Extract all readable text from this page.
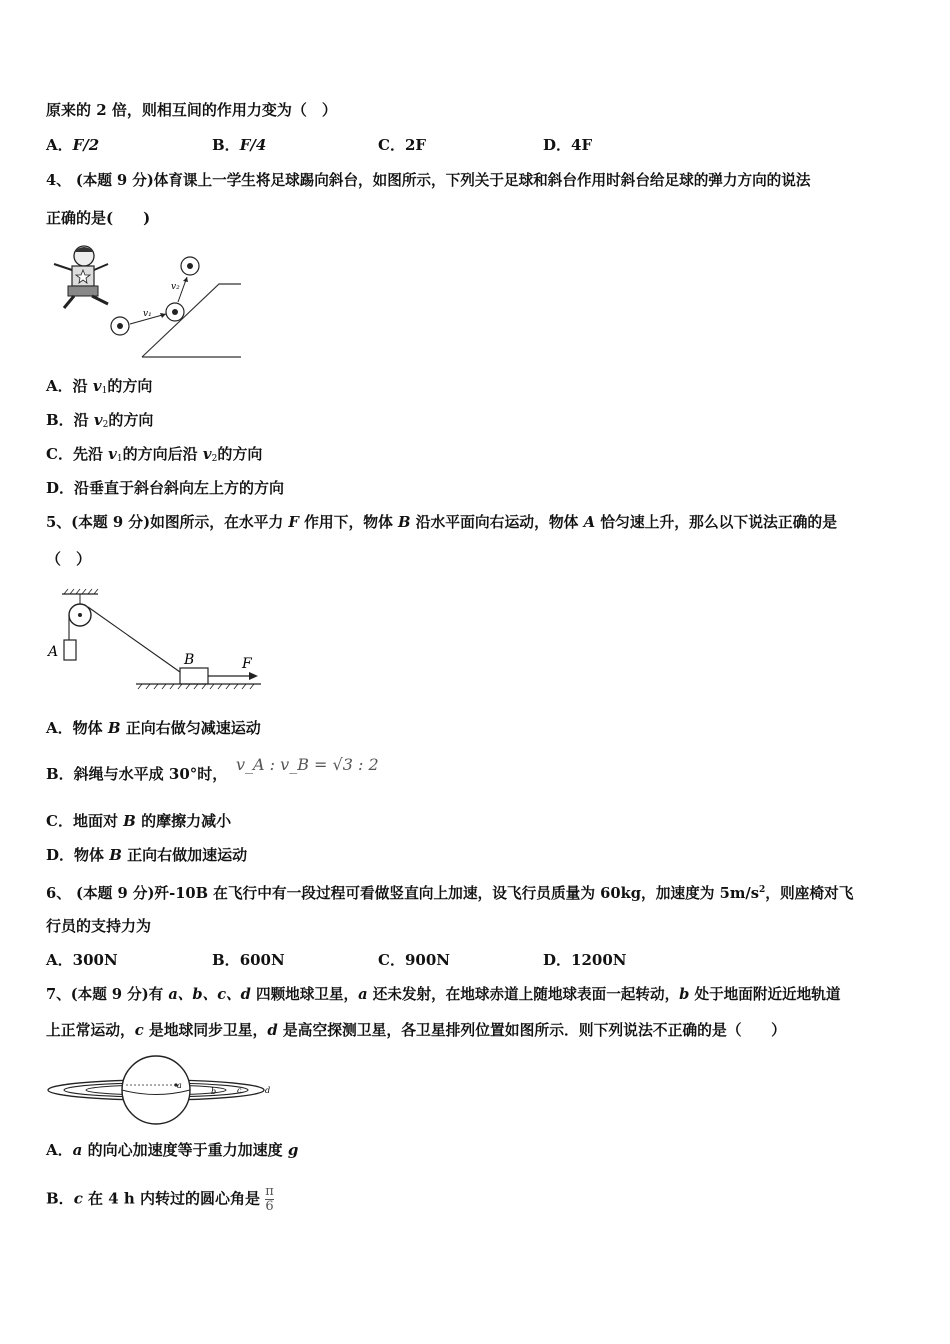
原来的 2 倍，则相互间的作用力变为（　）
A．F/2	B．F/4	C．2F	D．4F
4、 (本题 9 分)体育课上一学生将足球踢向斜台，如图所示，下列关于足球和斜台作用时斜台给足球的弹力方向的说法
正确的是(　　)
v₁
v₂
A．沿 $v_1$的方向
B．沿 $v_2$的方向
C．先沿 $v_1$的方向后沿 $v_2$的方向
D．沿垂直于斜台斜向左上方的方向
5、(本题 9 分)如图所示，在水平力 F 作用下，物体 B 沿水平面向右运动，物体 A 恰匀速上升，那么以下说法正确的是
（　）
A	B	F
A．物体 B 正向右做匀减速运动
B．斜绳与水平成 30°时， v_A : v_B = √3 : 2
C．地面对 B 的摩擦力减小
D．物体 B 正向右做加速运动
6、 (本题 9 分)歼-10B 在飞行中有一段过程可看做竖直向上加速，设飞行员质量为 60kg，加速度为 $5m/s^2$，则座椅对飞
行员的支持力为
A．300N	B．600N	C．900N	D．1200N
7、(本题 9 分)有 a、b、c、d 四颗地球卫星，a 还未发射，在地球赤道上随地球表面一起转动，b 处于地面附近近地轨道
上正常运动，c 是地球同步卫星，d 是高空探测卫星，各卫星排列位置如图所示．则下列说法不正确的是（　　）
a
b	c	d
A．a 的向心加速度等于重力加速度 g
B．c 在 4 h 内转过的圆心角是 $\frac{\pi}{6}$
